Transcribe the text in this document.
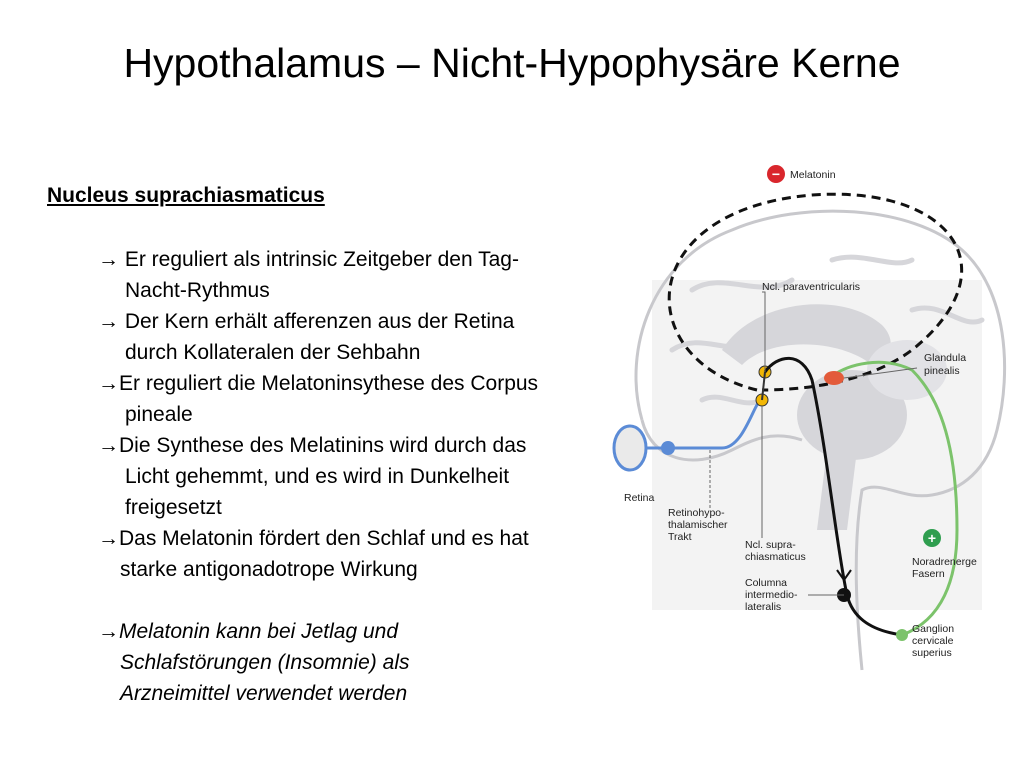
Hypothalamus – Nicht-Hypophysäre Kerne
Nucleus suprachiasmaticus

→ Er reguliert als intrinsic Zeitgeber den Tag-
Nacht-Rythmus

→ Der Kern erhält afferenzen aus der Retina
durch Kollateralen der Sehbahn

→Er reguliert die Melatoninsythese des Corpus
pineale

→Die Synthese des Melatinins wird durch das
Licht gehemmt, und es wird in Dunkelheit
freigesetzt

→Das Melatonin fördert den Schlaf und es hat
starke antigonadotrope Wirkung

→Melatonin kann bei Jetlag und
Schlafstörungen (Insomnie) als
Arzneimittel verwendet werden

− Melatonin
+
Ncl. paraventricularis
Glandula
pinealis
Retina
Retinohypo-
thalamischer
Trakt
Ncl. supra-
chiasmaticus
Columna
intermedio-
lateralis
Noradrenerge
Fasern
Ganglion
cervicale
superius
